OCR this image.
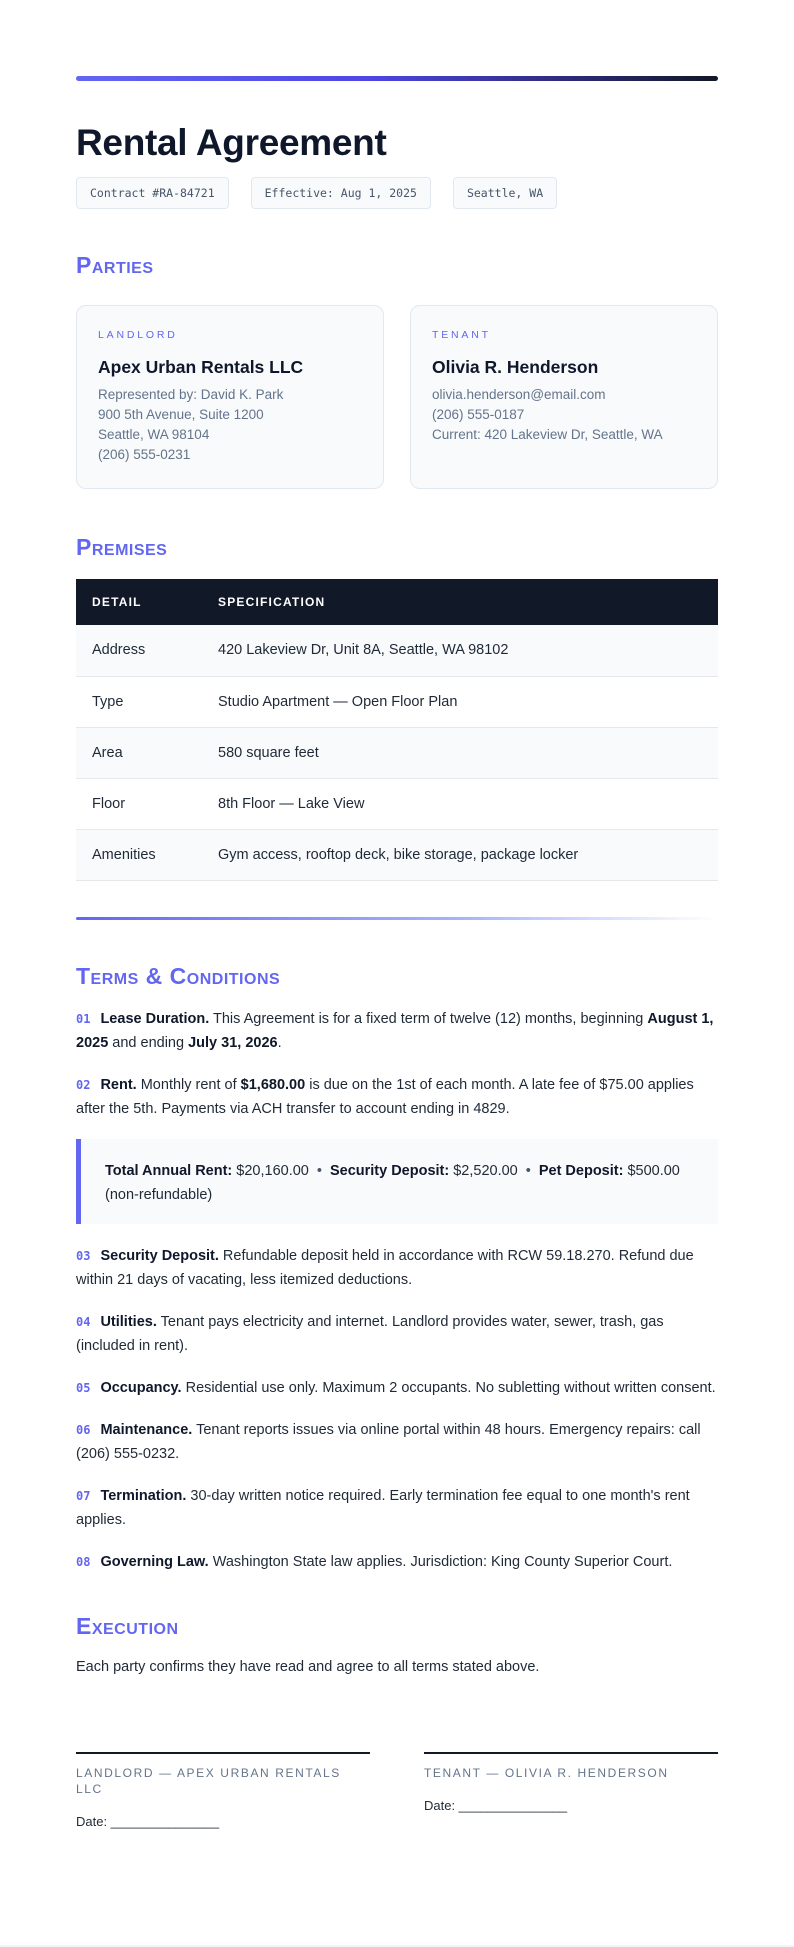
Rental Agreement
Contract #RA-84721	Effective: Aug 1, 2025	Seattle, WA
Parties
LANDLORD
Apex Urban Rentals LLC
Represented by: David K. Park
900 5th Avenue, Suite 1200
Seattle, WA 98104
(206) 555-0231
TENANT
Olivia R. Henderson
olivia.henderson@email.com
(206) 555-0187
Current: 420 Lakeview Dr, Seattle, WA
Premises
DETAIL	SPECIFICATION
Address	420 Lakeview Dr, Unit 8A, Seattle, WA 98102
Type	Studio Apartment — Open Floor Plan
Area	580 square feet
Floor	8th Floor — Lake View
Amenities	Gym access, rooftop deck, bike storage, package locker
Terms & Conditions

01 Lease Duration. This Agreement is for a fixed term of twelve (12) months, beginning August 1, 2025 and ending July 31, 2026.

02 Rent. Monthly rent of $1,680.00 is due on the 1st of each month. A late fee of $75.00 applies after the 5th. Payments via ACH transfer to account ending in 4829.

Total Annual Rent: $20,160.00 • Security Deposit: $2,520.00 • Pet Deposit: $500.00 (non-refundable)

03 Security Deposit. Refundable deposit held in accordance with RCW 59.18.270. Refund due within 21 days of vacating, less itemized deductions.

04 Utilities. Tenant pays electricity and internet. Landlord provides water, sewer, trash, gas (included in rent).

05 Occupancy. Residential use only. Maximum 2 occupants. No subletting without written consent.

06 Maintenance. Tenant reports issues via online portal within 48 hours. Emergency repairs: call (206) 555-0232.

07 Termination. 30-day written notice required. Early termination fee equal to one month's rent applies.

08 Governing Law. Washington State law applies. Jurisdiction: King County Superior Court.

Execution

Each party confirms they have read and agree to all terms stated above.

LANDLORD — APEX URBAN RENTALS LLC
Date: _______________
TENANT — OLIVIA R. HENDERSON
Date: _______________
